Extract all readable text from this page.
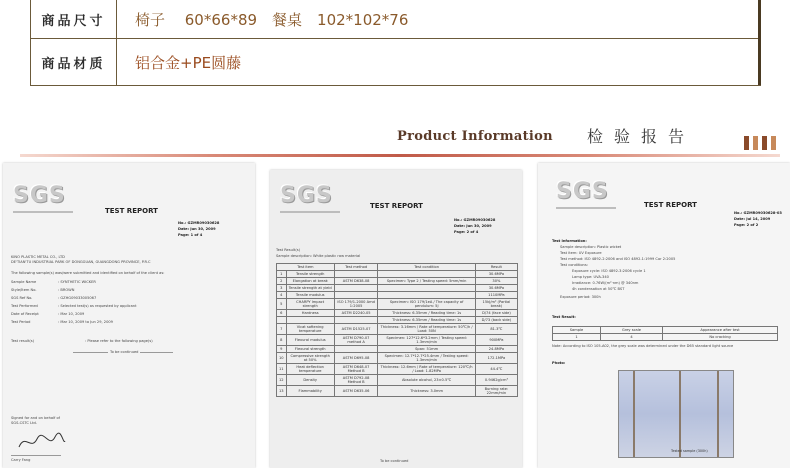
商品尺寸	椅子　 60*66*89　餐桌　102*102*76
商品材质	铝合金+PE圆藤
Product Information 检验报告
SGS
TEST REPORT
No.: GZMR09030628
Date: Jun 30, 2009
Page: 1 of 4
KINO PLASTIC METAL CO., LTD
DE'TIAN'TU INDUSTRIAL PARK OF DONGGUAN, GUANGDONG PROVINCE, P.R.C
The following sample(s) was/were submitted and identified on behalf of the client as:
Sample Name	: SYNTHETIC WICKER
Style/Item No.	: BROWN
SGS Ref No.	: GZHG09033005067
Test Performed	: Selected test(s) as requested by applicant
Date of Receipt	: Mar 10, 2009
Test Period	: Mar 10, 2009 to Jun 29, 2009
Test result(s)	: Please refer to the following page(s)
To be continued
Signed for and on behalf of
SGS-CSTC Ltd.
Carry Fang
SGS	TEST REPORT
No.: GZMR09030628
Date: Jun 30, 2009
Page: 2 of 4
Test Result(s)
Sample description: White plastic raw material
Test item		Test method	Test condition	Result
1	Tensile strength			30.6MPa
2	Elongation at break	ASTM D638-08	Specimen: Type 2 / Testing speed: 5mm/min	30%
3	Tensile strength at yield			30.6MPa
4	Tensile modulus			1110MPa
5	CHARPY Impact strength	ISO 179/1-2000 Amd 1:2005	Specimen: ISO 179/1eA / The capacity of pendulum: 5J	15kJ/m² (Partial break)
6	Hardness	ASTM D2240-05	Thickness: 6.35mm / Reading time: 1s	D/74 (face side)
			Thickness: 6.35mm / Reading time: 1s	D/73 (back side)
7	Vicat softening temperature	ASTM D1525-07	Thickness: 3.16mm / Rate of temperature: 50℃/h / Load: 50N	81.3℃
8	Flexural modulus	ASTM D790-07 method A	Specimen: 127*12.6*3.2mm / Testing speed: 1.3mm/min	900MPa
9	Flexural strength		Span: 51mm	24.8MPa
10	Compressive strength at 50%	ASTM D695-08	Specimen: 12.7*12.7*25.4mm / Testing speed: 1.3mm/min	172.1MPa
11	Heat deflection temperature	ASTM D648-07 Method B	Thickness: 12.6mm / Rate of temperature: 120℃/h / Load: 1.82MPa	44.4℃
12	Density	ASTM D792-08 Method B	Absolute alcohol, 23±0.5℃	0.9462g/cm³
13	Flammability	ASTM D635-06	Thickness: 3.0mm	Burning rate: 22mm/min
To be continued
SGS
TEST REPORT
No.: GZMR09030628-03
Date: Jul 14, 2009
Page: 2 of 2
Test Information:
Sample description: Plastic wicket
Test item: UV Exposure
Test method: ISO 4892-2:2006 and ISO 4892-1:1999 Cor 2:2005
Test conditions:
Exposure cycle: ISO 4892-3:2006 cycle 1
Lamp type: UVA-340
Irradiance: 0.76W/(m²·nm) @ 340nm
4h condensation at 50℃ BST
Exposure period: 300h
Test Result:
Sample	Grey scale	Appearance after test
1	4	No cracking
Note: According to ISO 105-A02, the grey scale was determined under the D65 standard light source
Photo:
Tested sample (300h)
